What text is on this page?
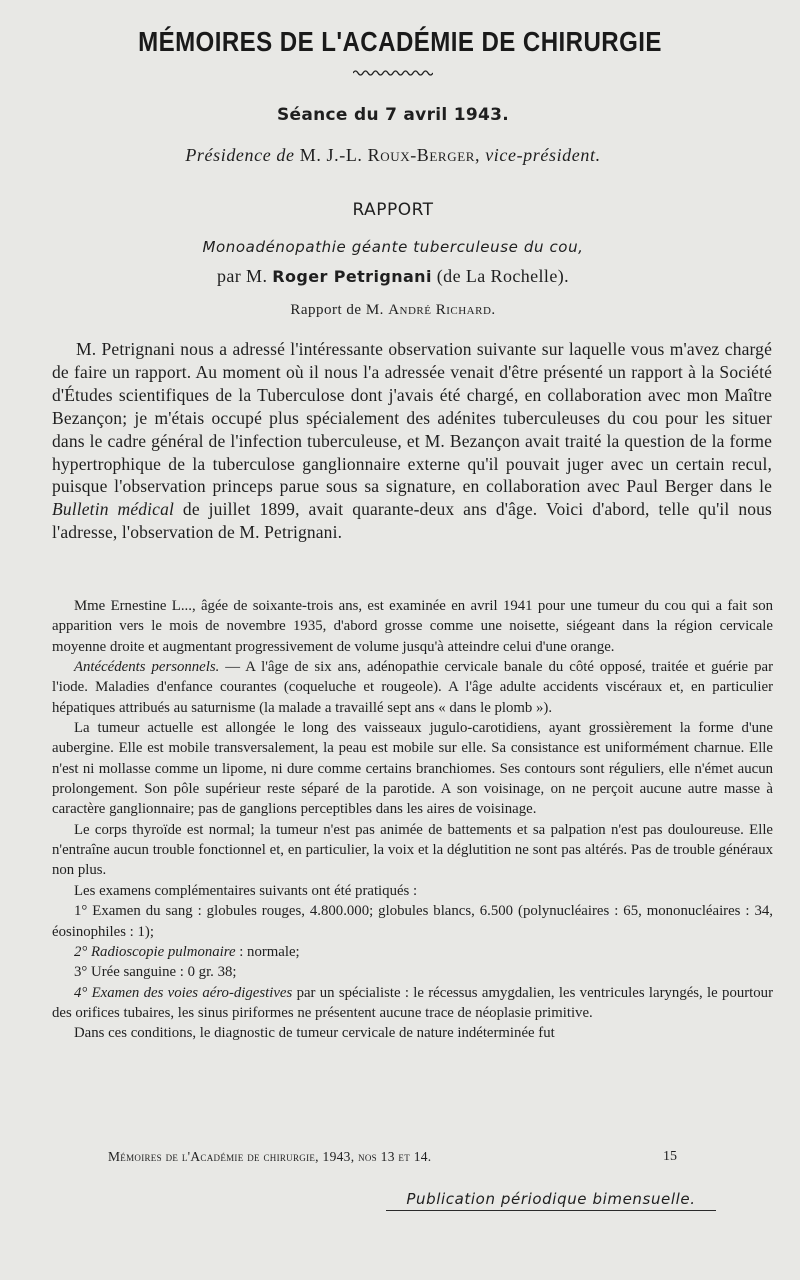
MÉMOIRES DE L'ACADÉMIE DE CHIRURGIE
Séance du 7 avril 1943.
Présidence de M. J.-L. Roux-Berger, vice-président.
RAPPORT
Monoadénopathie géante tuberculeuse du cou,
par M. Roger Petrignani (de La Rochelle).
Rapport de M. André Richard.

M. Petrignani nous a adressé l'intéressante observation suivante sur laquelle vous m'avez chargé de faire un rapport. Au moment où il nous l'a adressée venait d'être présenté un rapport à la Société d'Études scientifiques de la Tuberculose dont j'avais été chargé, en collaboration avec mon Maître Bezançon; je m'étais occupé plus spécialement des adénites tuberculeuses du cou pour les situer dans le cadre général de l'infection tuberculeuse, et M. Bezançon avait traité la question de la forme hypertrophique de la tuberculose ganglionnaire externe qu'il pouvait juger avec un certain recul, puisque l'observation princeps parue sous sa signature, en collaboration avec Paul Berger dans le Bulletin médical de juillet 1899, avait quarante-deux ans d'âge. Voici d'abord, telle qu'il nous l'adresse, l'observation de M. Petrignani.

Mme Ernestine L..., âgée de soixante-trois ans, est examinée en avril 1941 pour une tumeur du cou qui a fait son apparition vers le mois de novembre 1935, d'abord grosse comme une noisette, siégeant dans la région cervicale moyenne droite et augmentant progressivement de volume jusqu'à atteindre celui d'une orange.

Antécédents personnels. — A l'âge de six ans, adénopathie cervicale banale du côté opposé, traitée et guérie par l'iode. Maladies d'enfance courantes (coqueluche et rougeole). A l'âge adulte accidents viscéraux et, en particulier hépatiques attribués au saturnisme (la malade a travaillé sept ans « dans le plomb »).

La tumeur actuelle est allongée le long des vaisseaux jugulo-carotidiens, ayant grossièrement la forme d'une aubergine. Elle est mobile transversalement, la peau est mobile sur elle. Sa consistance est uniformément charnue. Elle n'est ni mollasse comme un lipome, ni dure comme certains branchiomes. Ses contours sont réguliers, elle n'émet aucun prolongement. Son pôle supérieur reste séparé de la parotide. A son voisinage, on ne perçoit aucune autre masse à caractère ganglionnaire; pas de ganglions perceptibles dans les aires de voisinage.

Le corps thyroïde est normal; la tumeur n'est pas animée de battements et sa palpation n'est pas douloureuse. Elle n'entraîne aucun trouble fonctionnel et, en particulier, la voix et la déglutition ne sont pas altérés. Pas de trouble généraux non plus.

Les examens complémentaires suivants ont été pratiqués :

1° Examen du sang : globules rouges, 4.800.000; globules blancs, 6.500 (polynucléaires : 65, mononucléaires : 34, éosinophiles : 1);

2° Radioscopie pulmonaire : normale;

3° Urée sanguine : 0 gr. 38;

4° Examen des voies aéro-digestives par un spécialiste : le récessus amygdalien, les ventricules laryngés, le pourtour des orifices tubaires, les sinus piriformes ne présentent aucune trace de néoplasie primitive.

Dans ces conditions, le diagnostic de tumeur cervicale de nature indéterminée fut

Mémoires de l'Académie de chirurgie, 1943, nos 13 et 14.	15
Publication périodique bimensuelle.
